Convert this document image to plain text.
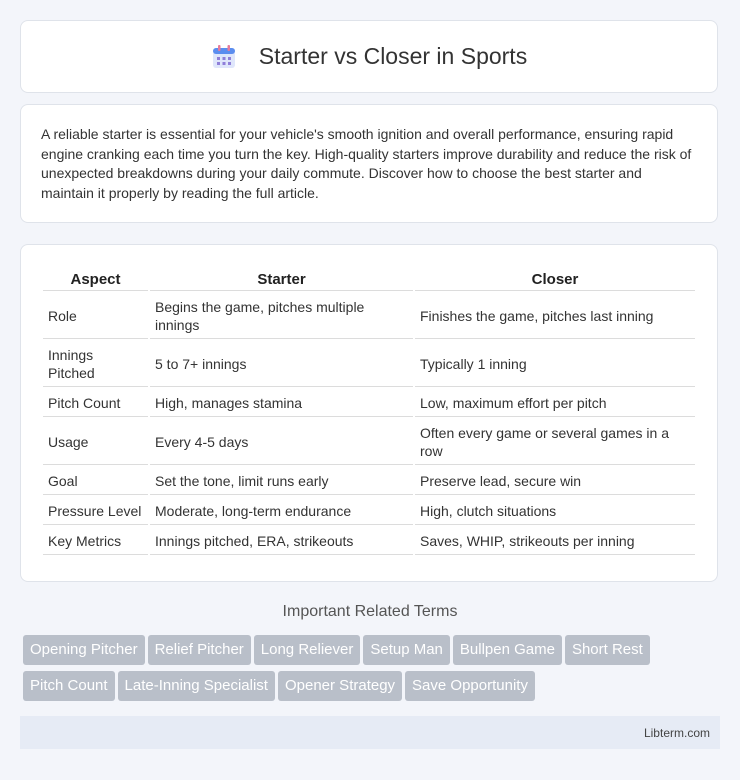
Starter vs Closer in Sports

A reliable starter is essential for your vehicle's smooth ignition and overall performance, ensuring rapid engine cranking each time you turn the key. High-quality starters improve durability and reduce the risk of unexpected breakdowns during your daily commute. Discover how to choose the best starter and maintain it properly by reading the full article.

Aspect	Starter	Closer
Role	Begins the game, pitches multiple innings	Finishes the game, pitches last inning
Innings Pitched	5 to 7+ innings	Typically 1 inning
Pitch Count	High, manages stamina	Low, maximum effort per pitch
Usage	Every 4-5 days	Often every game or several games in a row
Goal	Set the tone, limit runs early	Preserve lead, secure win
Pressure Level	Moderate, long-term endurance	High, clutch situations
Key Metrics	Innings pitched, ERA, strikeouts	Saves, WHIP, strikeouts per inning
Important Related Terms
Opening Pitcher Relief Pitcher Long Reliever Setup Man Bullpen Game Short Rest
Pitch Count Late-Inning Specialist Opener Strategy Save Opportunity
Libterm.com
